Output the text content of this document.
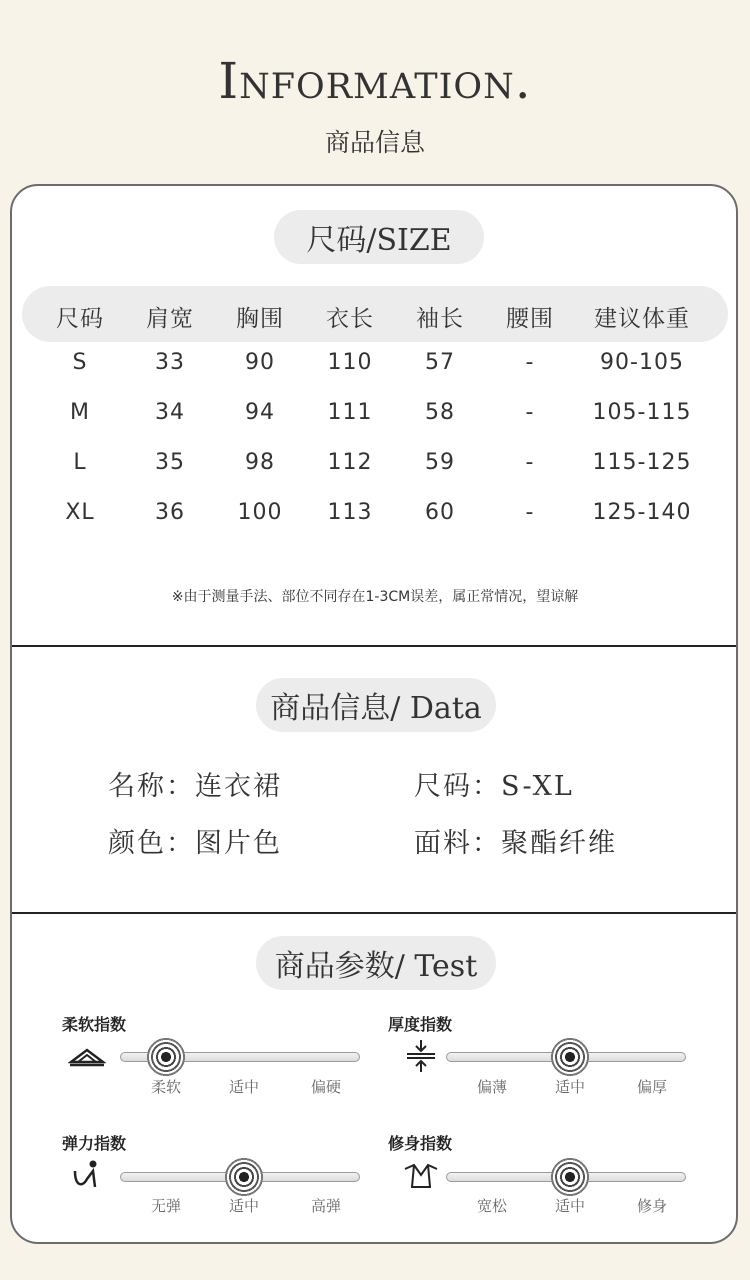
Information.
商品信息
尺码/SIZE
尺码	肩宽	胸围	衣长	袖长	腰围	建议体重
S	33	90	110	57	-	90-105
M	34	94	111	58	-	105-115
L	35	98	112	59	-	115-125
XL	36	100	113	60	-	125-140
※由于测量手法、部位不同存在1-3CM误差，属正常情况，望谅解
商品信息/ Data
名称：连衣裙	尺码：S-XL
颜色：图片色	面料：聚酯纤维
商品参数/ Test
柔软指数
柔软	适中	偏硬
厚度指数
偏薄	适中	偏厚
弹力指数
无弹	适中	高弹
修身指数
宽松	适中	修身
